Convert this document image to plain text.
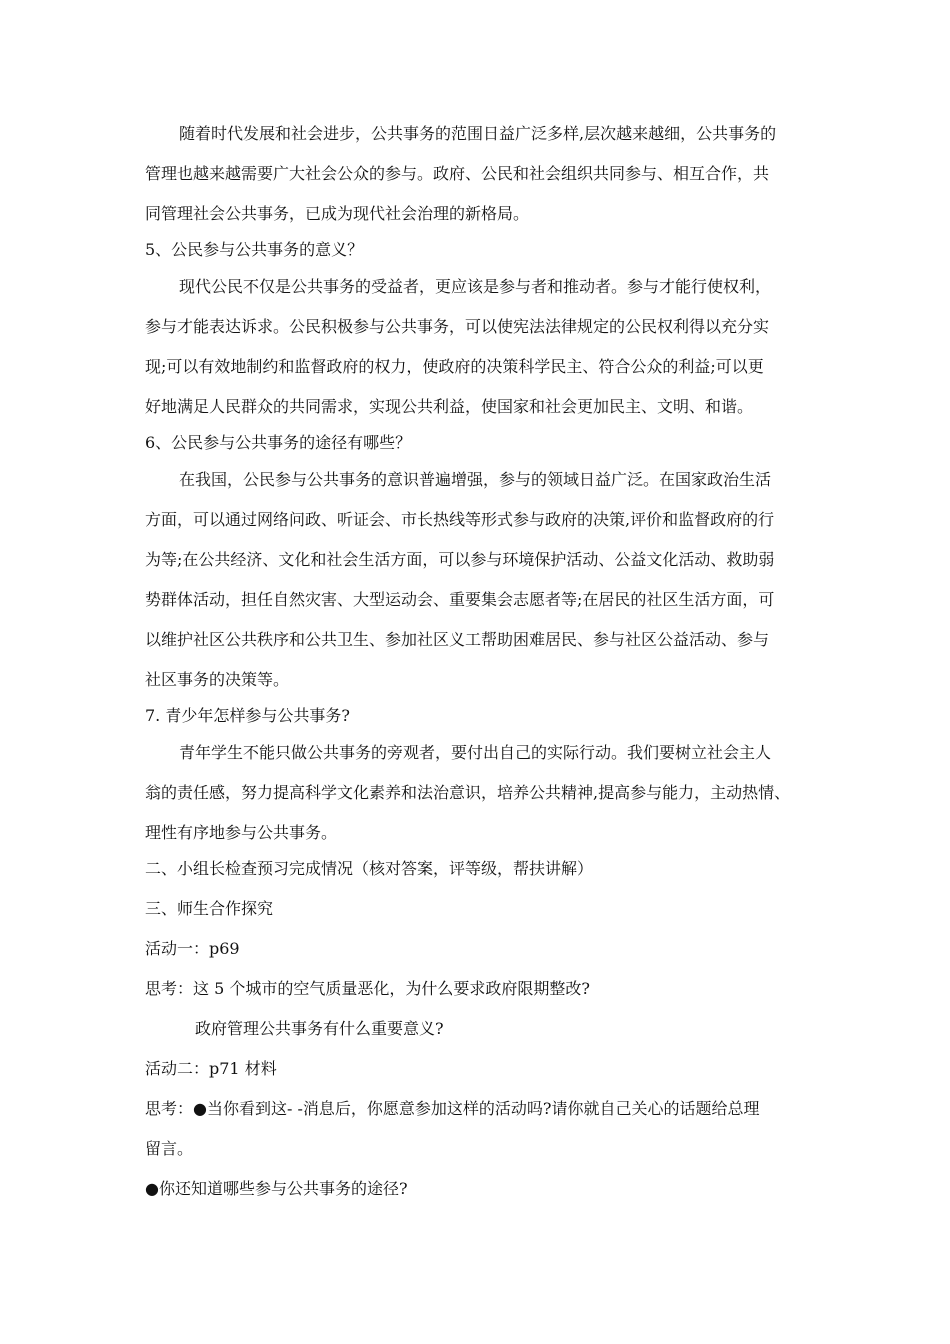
随着时代发展和社会进步，公共事务的范围日益广泛多样,层次越来越细，公共事务的
管理也越来越需要广大社会公众的参与。政府、公民和社会组织共同参与、相互合作，共
同管理社会公共事务，已成为现代社会治理的新格局。
5、公民参与公共事务的意义？
现代公民不仅是公共事务的受益者，更应该是参与者和推动者。参与才能行使权利，
参与才能表达诉求。公民积极参与公共事务，可以使宪法法律规定的公民权利得以充分实
现;可以有效地制约和监督政府的权力，使政府的决策科学民主、符合公众的利益;可以更
好地满足人民群众的共同需求，实现公共利益，使国家和社会更加民主、文明、和谐。
6、公民参与公共事务的途径有哪些？
在我国，公民参与公共事务的意识普遍增强，参与的领域日益广泛。在国家政治生活
方面，可以通过网络问政、听证会、市长热线等形式参与政府的决策,评价和监督政府的行
为等;在公共经济、文化和社会生活方面，可以参与环境保护活动、公益文化活动、救助弱
势群体活动，担任自然灾害、大型运动会、重要集会志愿者等;在居民的社区生活方面，可
以维护社区公共秩序和公共卫生、参加社区义工帮助困难居民、参与社区公益活动、参与
社区事务的决策等。
7. 青少年怎样参与公共事务?
青年学生不能只做公共事务的旁观者，要付出自己的实际行动。我们要树立社会主人
翁的责任感，努力提高科学文化素养和法治意识，培养公共精神,提高参与能力，主动热情、
理性有序地参与公共事务。
二、小组长检查预习完成情况（核对答案，评等级，帮扶讲解）
三、师生合作探究
活动一：p69
思考：这 5 个城市的空气质量恶化，为什么要求政府限期整改?
政府管理公共事务有什么重要意义?
活动二：p71 材料
思考：●当你看到这- -消息后，你愿意参加这样的活动吗?请你就自己关心的话题给总理
留言。
●你还知道哪些参与公共事务的途径?
